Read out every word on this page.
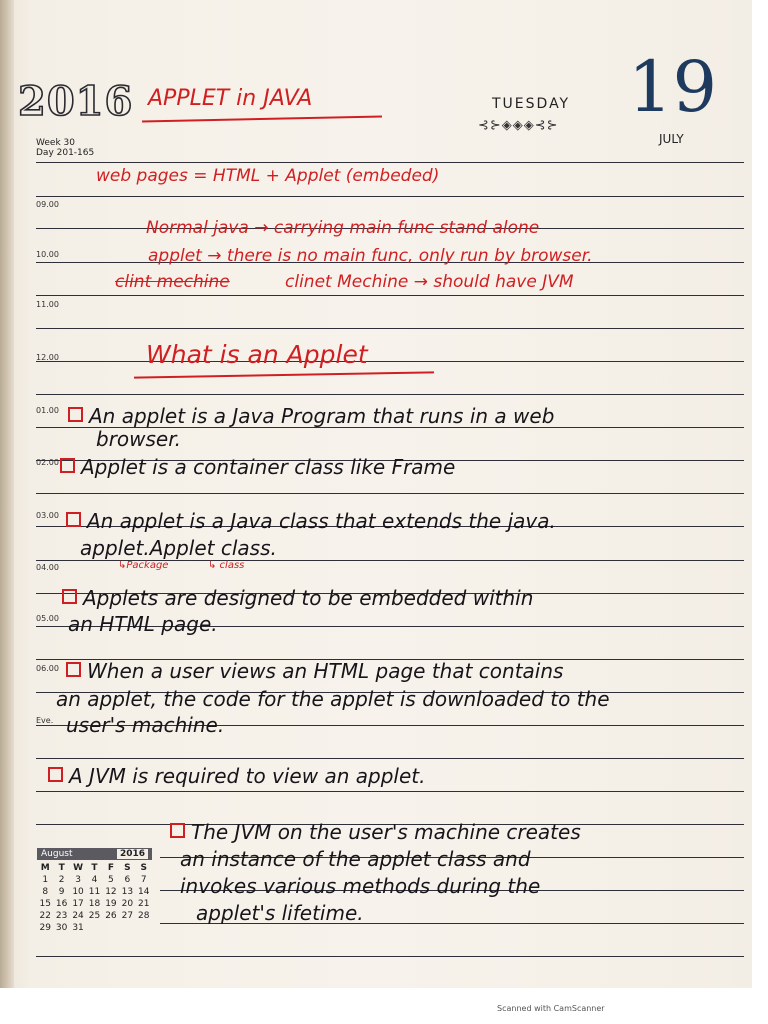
2016
Week 30
Day 201-165
APPLET in JAVA	TUESDAY
⊰⊱◈◈◈⊰⊱ 19
JULY
09.00
10.00
11.00
12.00
01.00
02.00
03.00
04.00
05.00
06.00
Eve.
web pages = HTML + Applet (embeded)
Normal java → carrying main func stand alone
applet → there is no main func, only run by browser.
clint mechine	clinet Mechine → should have JVM
What is an Applet
An applet is a Java Program that runs in a web
browser.
Applet is a container class like Frame
An applet is a Java class that extends the java.
applet.Applet class.
↳Package	↳ class
Applets are designed to be embedded within
an HTML page.
When a user views an HTML page that contains
an applet, the code for the applet is downloaded to the
user's machine.
A JVM is required to view an applet.
The JVM on the user's machine creates
an instance of the applet class and
invokes various methods during the
applet's lifetime.
August	2016
M T W T	F	S	S
1	2	3	4	5	6	7
8	9 10 11 12 13 14
15 16 17 18 19 20 21
22 23 24 25 26 27 28
29 30 31
Scanned with CamScanner
